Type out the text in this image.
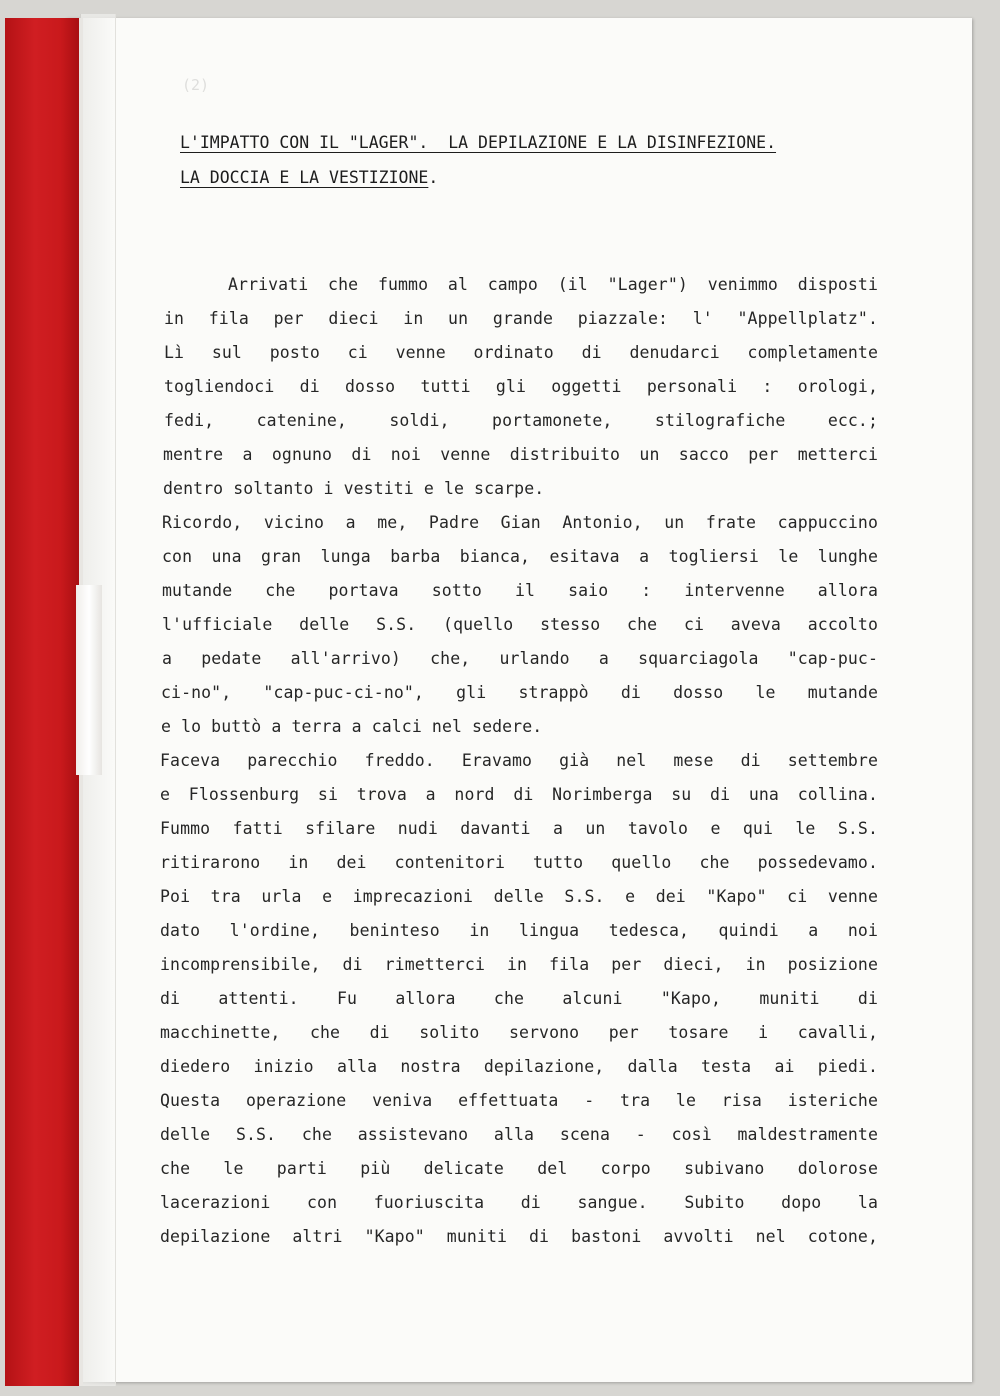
(2)
L'IMPATTO CON IL "LAGER".  LA DEPILAZIONE E LA DISINFEZIONE.
LA DOCCIA E LA VESTIZIONE.
Arrivati che fummo al campo (il "Lager") venimmo disposti
in fila per dieci in un grande piazzale: l' "Appellplatz".
Lì sul posto ci venne ordinato di denudarci completamente
togliendoci di dosso tutti gli oggetti personali : orologi,
fedi, catenine, soldi, portamonete, stilografiche ecc.;
mentre a ognuno di noi venne distribuito un sacco per metterci
dentro soltanto i vestiti e le scarpe.
Ricordo, vicino a me, Padre Gian Antonio, un frate cappuccino
con una gran lunga barba bianca, esitava a togliersi le lunghe
mutande che portava sotto il saio : intervenne allora
l'ufficiale delle S.S. (quello stesso che ci aveva accolto
a pedate all'arrivo) che, urlando a squarciagola "cap-puc-
ci-no", "cap-puc-ci-no", gli strappò di dosso le mutande
e lo buttò a terra a calci nel sedere.
Faceva parecchio freddo. Eravamo già nel mese di settembre
e Flossenburg si trova a nord di Norimberga su di una collina.
Fummo fatti sfilare nudi davanti a un tavolo e qui le S.S.
ritirarono in dei contenitori tutto quello che possedevamo.
Poi tra urla e imprecazioni delle S.S. e dei "Kapo" ci venne
dato l'ordine, beninteso in lingua tedesca, quindi a noi
incomprensibile, di rimetterci in fila per dieci, in posizione
di attenti. Fu allora che alcuni "Kapo, muniti di
macchinette, che di solito servono per tosare i cavalli,
diedero inizio alla nostra depilazione, dalla testa ai piedi.
Questa operazione veniva effettuata - tra le risa isteriche
delle S.S. che assistevano alla scena - così maldestramente
che le parti più delicate del corpo subivano dolorose
lacerazioni con fuoriuscita di sangue. Subito dopo la
depilazione altri "Kapo" muniti di bastoni avvolti nel cotone,
